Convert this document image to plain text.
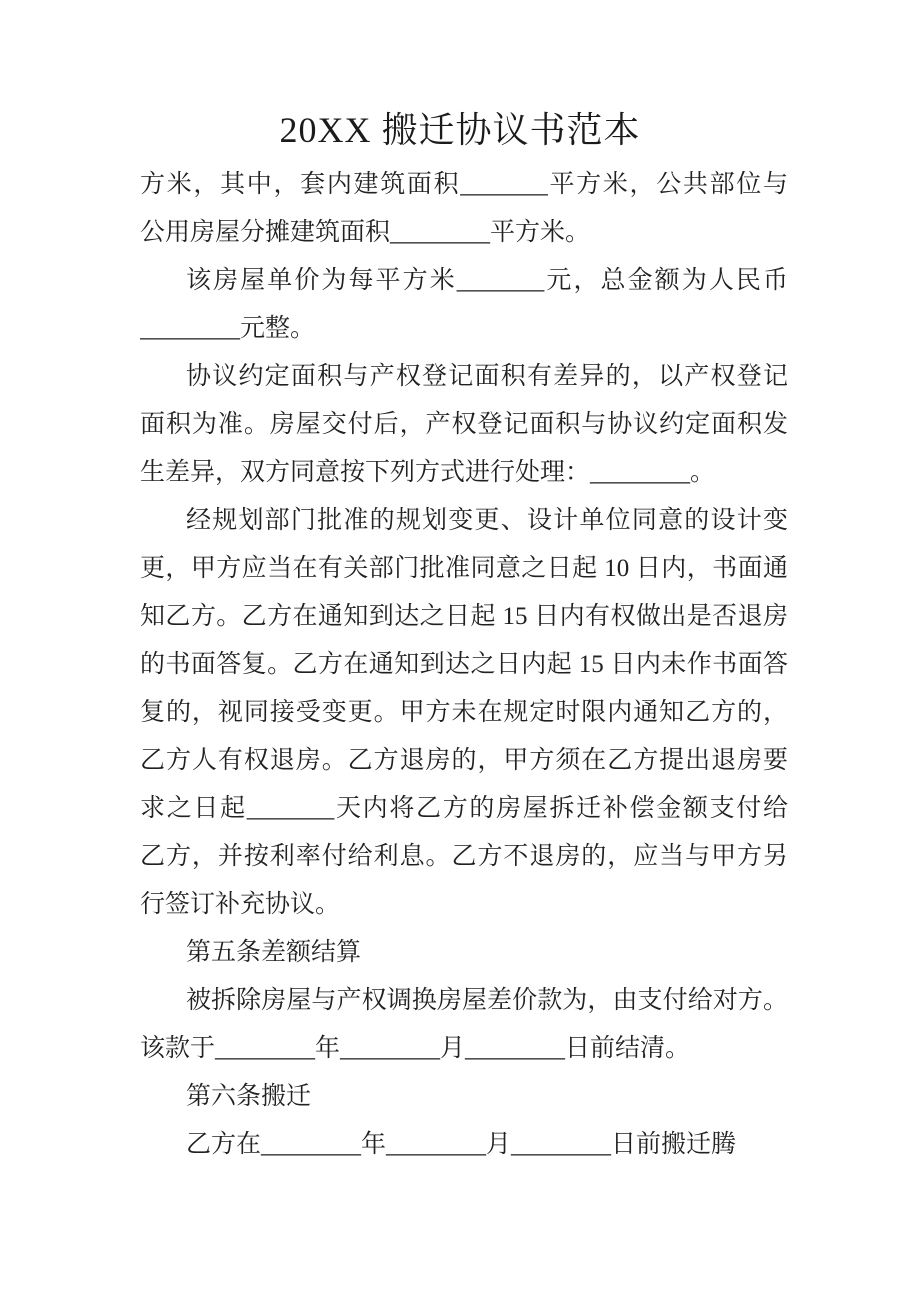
20XX 搬迁协议书范本
方米，其中，套内建筑面积_______平方米，公共部位与
公用房屋分摊建筑面积________平方米。
该房屋单价为每平方米_______元，总金额为人民币
________元整。
协议约定面积与产权登记面积有差异的，以产权登记
面积为准。房屋交付后，产权登记面积与协议约定面积发
生差异，双方同意按下列方式进行处理：________。
经规划部门批准的规划变更、设计单位同意的设计变
更，甲方应当在有关部门批准同意之日起 10 日内，书面通
知乙方。乙方在通知到达之日起 15 日内有权做出是否退房
的书面答复。乙方在通知到达之日内起 15 日内未作书面答
复的，视同接受变更。甲方未在规定时限内通知乙方的，
乙方人有权退房。乙方退房的，甲方须在乙方提出退房要
求之日起_______天内将乙方的房屋拆迁补偿金额支付给
乙方，并按利率付给利息。乙方不退房的，应当与甲方另
行签订补充协议。
第五条差额结算
被拆除房屋与产权调换房屋差价款为，由支付给对方。
该款于________年________月________日前结清。
第六条搬迁
乙方在________年________月________日前搬迁腾
